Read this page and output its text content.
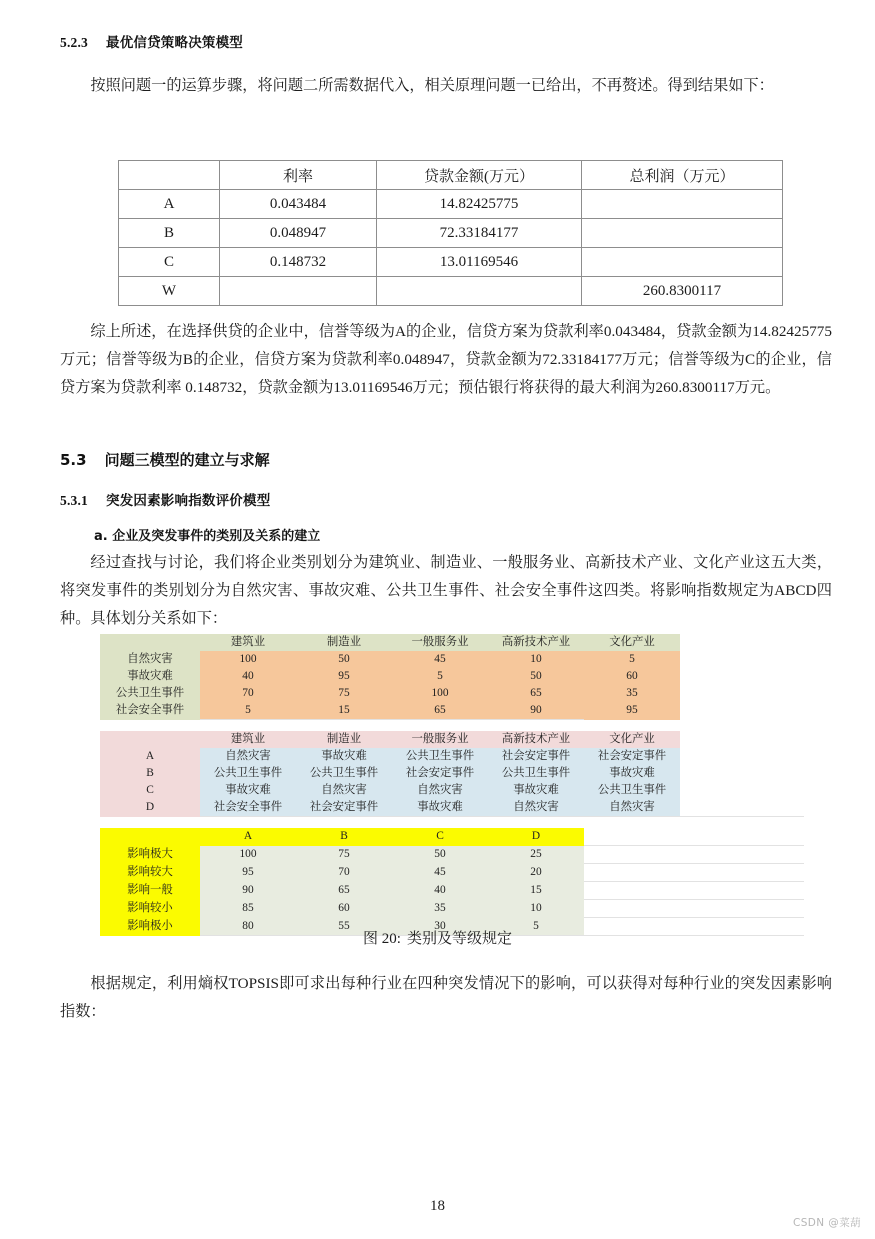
5.2.3 最优信贷策略决策模型
按照问题一的运算步骤，将问题二所需数据代入，相关原理问题一已给出，不再赘述。得到结果如下：
	利率	贷款金额(万元）	总利润（万元）
A	0.043484	14.82425775	
B	0.048947	72.33184177	
C	0.148732	13.01169546	
W			260.8300117
综上所述，在选择供贷的企业中，信誉等级为A的企业，信贷方案为贷款利率0.043484，贷款金额为14.82425775万元；信誉等级为B的企业，信贷方案为贷款利率0.048947，贷款金额为72.33184177万元；信誉等级为C的企业，信贷方案为贷款利率 0.148732，贷款金额为13.01169546万元；预估银行将获得的最大利润为260.8300117万元。
5.3 问题三模型的建立与求解
5.3.1 突发因素影响指数评价模型
a. 企业及突发事件的类别及关系的建立
经过查找与讨论，我们将企业类别划分为建筑业、制造业、一般服务业、高新技术产业、文化产业这五大类，将突发事件的类别划分为自然灾害、事故灾难、公共卫生事件、社会安全事件这四类。将影响指数规定为ABCD四种。具体划分关系如下：
	建筑业	制造业	一般服务业	高新技术产业	文化产业	
自然灾害	100	50	45	10	5	
事故灾难	40	95	5	50	60	
公共卫生事件	70	75	100	65	35	
社会安全事件	5	15	65	90	95	

	建筑业	制造业	一般服务业	高新技术产业	文化产业	
A	自然灾害	事故灾难	公共卫生事件	社会安定事件	社会安定事件	
B	公共卫生事件	公共卫生事件	社会安定事件	公共卫生事件	事故灾难	
C	事故灾难	自然灾害	自然灾害	事故灾难	公共卫生事件	
D	社会安全事件	社会安定事件	事故灾难	自然灾害	自然灾害	

	A	B	C	D		
影响极大	100	75	50	25		
影响较大	95	70	45	20		
影响一般	90	65	40	15		
影响较小	85	60	35	10		
影响极小	80	55	30	5		

图 20: 类别及等级规定
根据规定，利用熵权TOPSIS即可求出每种行业在四种突发情况下的影响，可以获得对每种行业的突发因素影响指数：
18
CSDN @菜葫
